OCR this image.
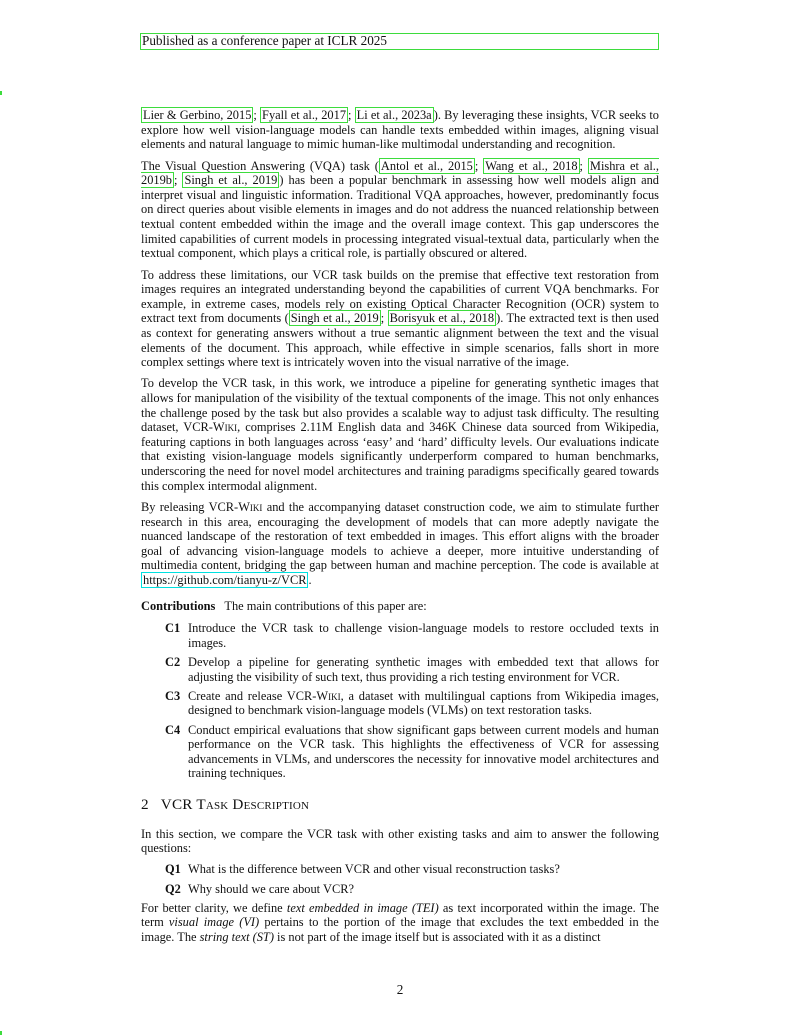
Published as a conference paper at ICLR 2025

Lier & Gerbino, 2015 ; Fyall et al., 2017 ; Li et al., 2023a ). By leveraging these insights, VCR seeks to explore how well vision-language models can handle texts embedded within images, aligning visual elements and natural language to mimic human-like multimodal understanding and recognition.

The Visual Question Answering (VQA) task ( Antol et al., 2015 ; Wang et al., 2018 ; Mishra et al., 2019b ; Singh et al., 2019 ) has been a popular benchmark in assessing how well models align and interpret visual and linguistic information. Traditional VQA approaches, however, predominantly focus on direct queries about visible elements in images and do not address the nuanced relationship between textual content embedded within the image and the overall image context. This gap underscores the limited capabilities of current models in processing integrated visual-textual data, particularly when the textual component, which plays a critical role, is partially obscured or altered.

To address these limitations, our VCR task builds on the premise that effective text restoration from images requires an integrated understanding beyond the capabilities of current VQA benchmarks. For example, in extreme cases, models rely on existing Optical Character Recognition (OCR) system to extract text from documents ( Singh et al., 2019 ; Borisyuk et al., 2018 ). The extracted text is then used as context for generating answers without a true semantic alignment between the text and the visual elements of the document. This approach, while effective in simple scenarios, falls short in more complex settings where text is intricately woven into the visual narrative of the image.

To develop the VCR task, in this work, we introduce a pipeline for generating synthetic images that allows for manipulation of the visibility of the textual components of the image. This not only enhances the challenge posed by the task but also provides a scalable way to adjust task difficulty. The resulting dataset, VCR-Wiki, comprises 2.11M English data and 346K Chinese data sourced from Wikipedia, featuring captions in both languages across ‘easy’ and ‘hard’ difficulty levels. Our evaluations indicate that existing vision-language models significantly underperform compared to human benchmarks, underscoring the need for novel model architectures and training paradigms specifically geared towards this complex intermodal alignment.

By releasing VCR-Wiki and the accompanying dataset construction code, we aim to stimulate further research in this area, encouraging the development of models that can more adeptly navigate the nuanced landscape of the restoration of text embedded in images. This effort aligns with the broader goal of advancing vision-language models to achieve a deeper, more intuitive understanding of multimedia content, bridging the gap between human and machine perception. The code is available at https://github.com/tianyu-z/VCR .

Contributions The main contributions of this paper are:

C1 Introduce the VCR task to challenge vision-language models to restore occluded texts in images.
C2 Develop a pipeline for generating synthetic images with embedded text that allows for adjusting the visibility of such text, thus providing a rich testing environment for VCR.
C3 Create and release VCR-Wiki, a dataset with multilingual captions from Wikipedia images, designed to benchmark vision-language models (VLMs) on text restoration tasks.
C4 Conduct empirical evaluations that show significant gaps between current models and human performance on the VCR task. This highlights the effectiveness of VCR for assessing advancements in VLMs, and underscores the necessity for innovative model architectures and training techniques.
2 VCR Task Description

In this section, we compare the VCR task with other existing tasks and aim to answer the following questions:

Q1 What is the difference between VCR and other visual reconstruction tasks?
Q2 Why should we care about VCR?

For better clarity, we define text embedded in image (TEI) as text incorporated within the image. The term visual image (VI) pertains to the portion of the image that excludes the text embedded in the image. The string text (ST) is not part of the image itself but is associated with it as a distinct

2
